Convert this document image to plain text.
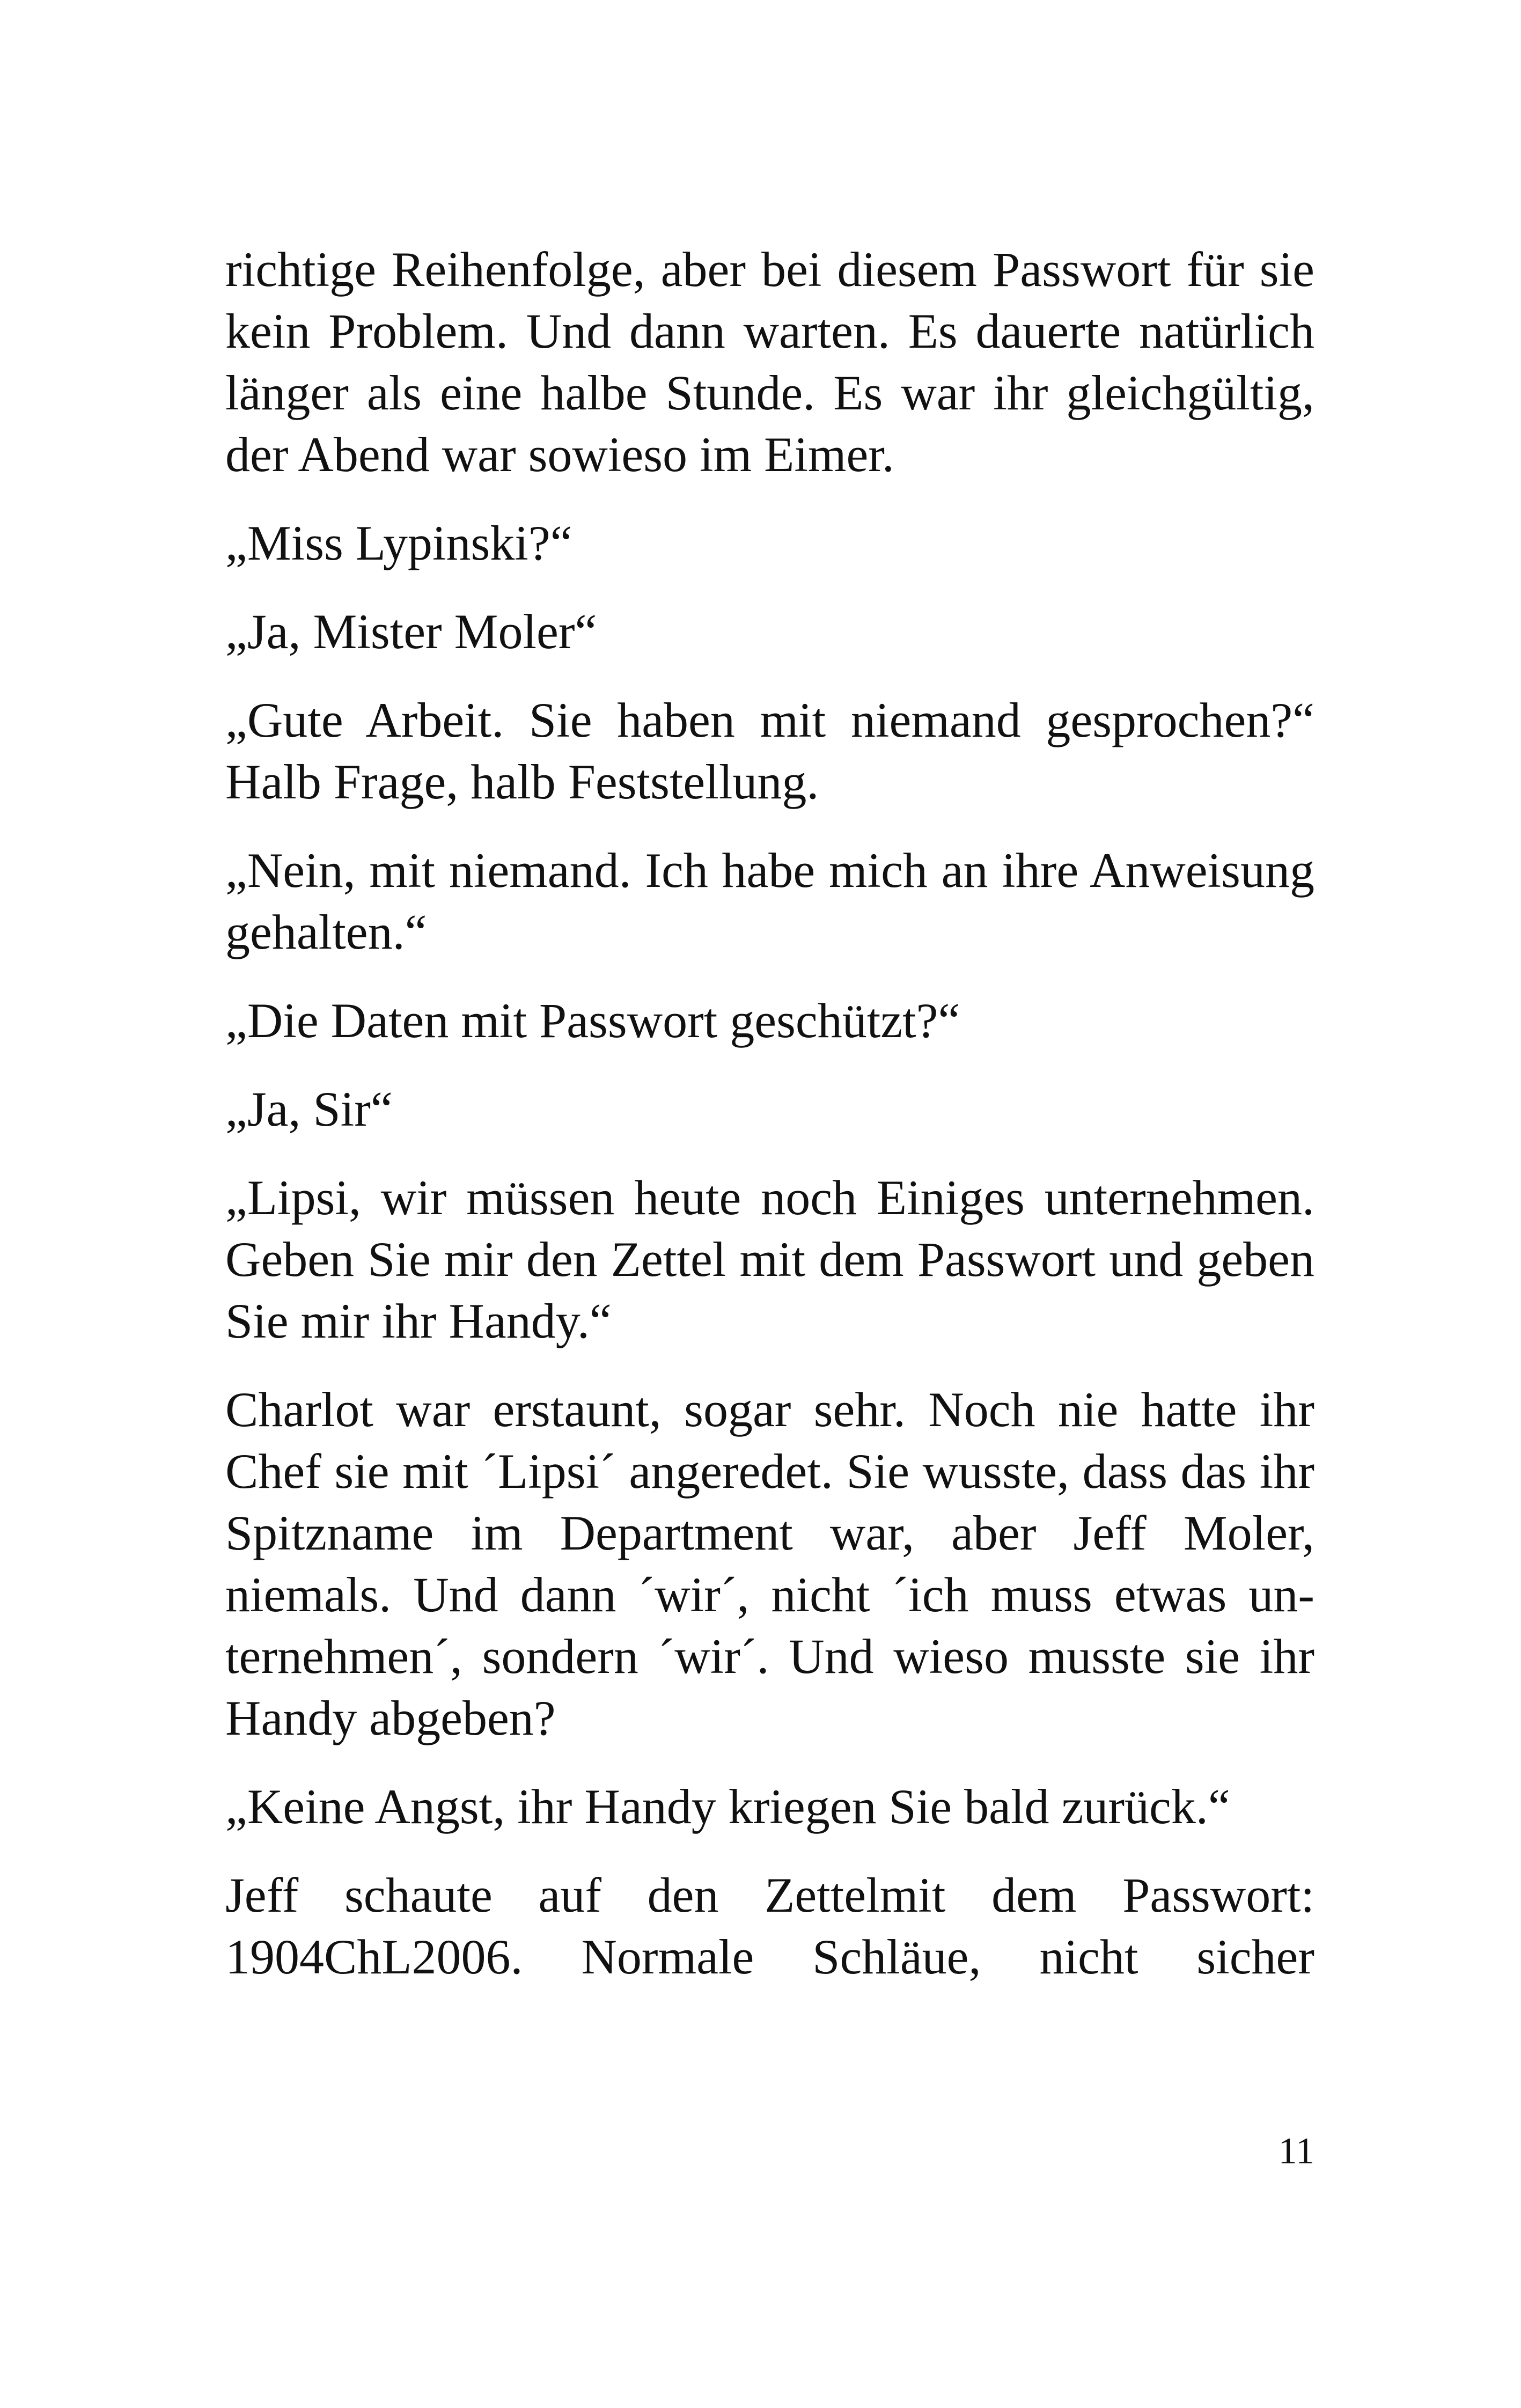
richtige Reihenfolge, aber bei diesem Passwort für sie kein Problem. Und dann warten. Es dauerte natürlich länger als eine halbe Stunde. Es war ihr gleichgültig, der Abend war sowieso im Eimer.

„Miss Lypinski?“

„Ja, Mister Moler“

„Gute Arbeit. Sie haben mit niemand gesprochen?“ Halb Frage, halb Feststellung.

„Nein, mit niemand. Ich habe mich an ihre Anweisung gehalten.“

„Die Daten mit Passwort geschützt?“

„Ja, Sir“

„Lipsi, wir müssen heute noch Einiges unternehmen. Geben Sie mir den Zettel mit dem Passwort und geben Sie mir ihr Handy.“

Charlot war erstaunt, sogar sehr. Noch nie hatte ihr Chef sie mit ´Lipsi´ angeredet. Sie wusste, dass das ihr Spitzname im Department war, aber Jeff Moler, niemals. Und dann ´wir´, nicht ´ich muss etwas unternehmen´, sondern ´wir´. Und wieso musste sie ihr Handy abgeben?

„Keine Angst, ihr Handy kriegen Sie bald zurück.“

Jeff schaute auf den Zettelmit dem Passwort: 1904ChL2006. Normale Schläue, nicht sicher

11
